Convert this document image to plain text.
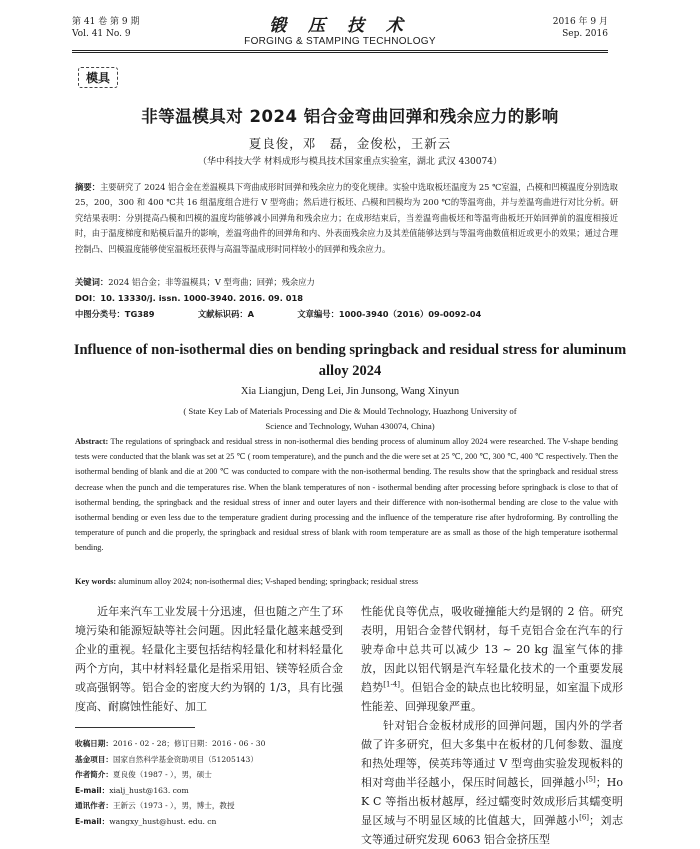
第 41 卷 第 9 期
Vol. 41 No. 9	锻 压 技 术
FORGING & STAMPING TECHNOLOGY
2016 年 9 月
Sep. 2016
模具
非等温模具对 2024 铝合金弯曲回弹和残余应力的影响
夏良俊，邓　磊，金俊松，王新云
（华中科技大学 材料成形与模具技术国家重点实验室，湖北 武汉 430074）
摘要：主要研究了 2024 铝合金在差温模具下弯曲成形时回弹和残余应力的变化规律。实验中选取板坯温度为 25 ℃室温，凸模和凹模温度分别选取 25，200，300 和 400 ℃共 16 组温度组合进行 V 型弯曲；然后进行板坯、凸模和凹模均为 200 ℃的等温弯曲，并与差温弯曲进行对比分析。研究结果表明：分别提高凸模和凹模的温度均能够减小回弹角和残余应力；在成形结束后，当差温弯曲板坯和等温弯曲板坯开始回弹前的温度相接近时，由于温度梯度和贴模后温升的影响，差温弯曲件的回弹角和内、外表面残余应力及其差值能够达到与等温弯曲数值相近或更小的效果；通过合理控制凸、凹模温度能够使室温板坯获得与高温等温成形时同样较小的回弹和残余应力。
关键词：2024 铝合金；非等温模具；V 型弯曲；回弹；残余应力
DOI：10. 13330/j. issn. 1000-3940. 2016. 09. 018
中图分类号：TG389	文献标识码：A	文章编号：1000-3940（2016）09-0092-04
Influence of non-isothermal dies on bending springback and residual stress for aluminum alloy 2024
Xia Liangjun, Deng Lei, Jin Junsong, Wang Xinyun
( State Key Lab of Materials Processing and Die & Mould Technology, Huazhong University of
Science and Technology, Wuhan 430074, China)
Abstract: The regulations of springback and residual stress in non-isothermal dies bending process of aluminum alloy 2024 were researched. The V-shape bending tests were conducted that the blank was set at 25 ℃ ( room temperature), and the punch and the die were set at 25 ℃, 200 ℃, 300 ℃, 400 ℃ respectively. Then the isothermal bending of blank and die at 200 ℃ was conducted to compare with the non-isothermal bending. The results show that the springback and residual stress decrease when the punch and die temperatures rise. When the blank temperatures of non - isothermal bending after processing before springback is close to that of isothermal bending, the springback and the residual stress of inner and outer layers and their difference with non-isothermal bending are close to the value with isothermal bending or even less due to the temperature gradient during processing and the influence of the temperature rise after hydroforming. By controlling the temperature of punch and die properly, the springback and residual stress of blank with room temperature are as small as those of the high temperature isothermal bending.
Key words: aluminum alloy 2024; non-isothermal dies; V-shaped bending; springback; residual stress

近年来汽车工业发展十分迅速，但也随之产生了环境污染和能源短缺等社会问题。因此轻量化越来越受到企业的重视。轻量化主要包括结构轻量化和材料轻量化两个方向，其中材料轻量化是指采用铝、镁等轻质合金或高强钢等。铝合金的密度大约为钢的 1/3，具有比强度高、耐腐蚀性能好、加工

性能优良等优点，吸收碰撞能大约是钢的 2 倍。研究表明，用铝合金替代钢材，每千克铝合金在汽车的行驶寿命中总共可以减少 13 ~ 20 kg 温室气体的排放，因此以铝代钢是汽车轻量化技术的一个重要发展趋势[1-4]。但铝合金的缺点也比较明显，如室温下成形性能差、回弹现象严重。

针对铝合金板材成形的回弹问题，国内外的学者做了许多研究，但大多集中在板材的几何参数、温度和热处理等，侯英玮等通过 V 型弯曲实验发现板料的相对弯曲半径越小，保压时间越长，回弹越小[5]；Ho K C 等指出板材越厚，经过蠕变时效成形后其蠕变明显区域与不明显区域的比值越大，回弹越小[6]；刘志文等通过研究发现 6063 铝合金挤压型

收稿日期：2016 - 02 - 28；修订日期：2016 - 06 - 30
基金项目：国家自然科学基金资助项目（51205143）
作者简介：夏良俊（1987 - ），男，硕士
E-mail：xialj_hust@163. com
通讯作者：王新云（1973 - ），男，博士，教授
E-mail：wangxy_hust@hust. edu. cn
